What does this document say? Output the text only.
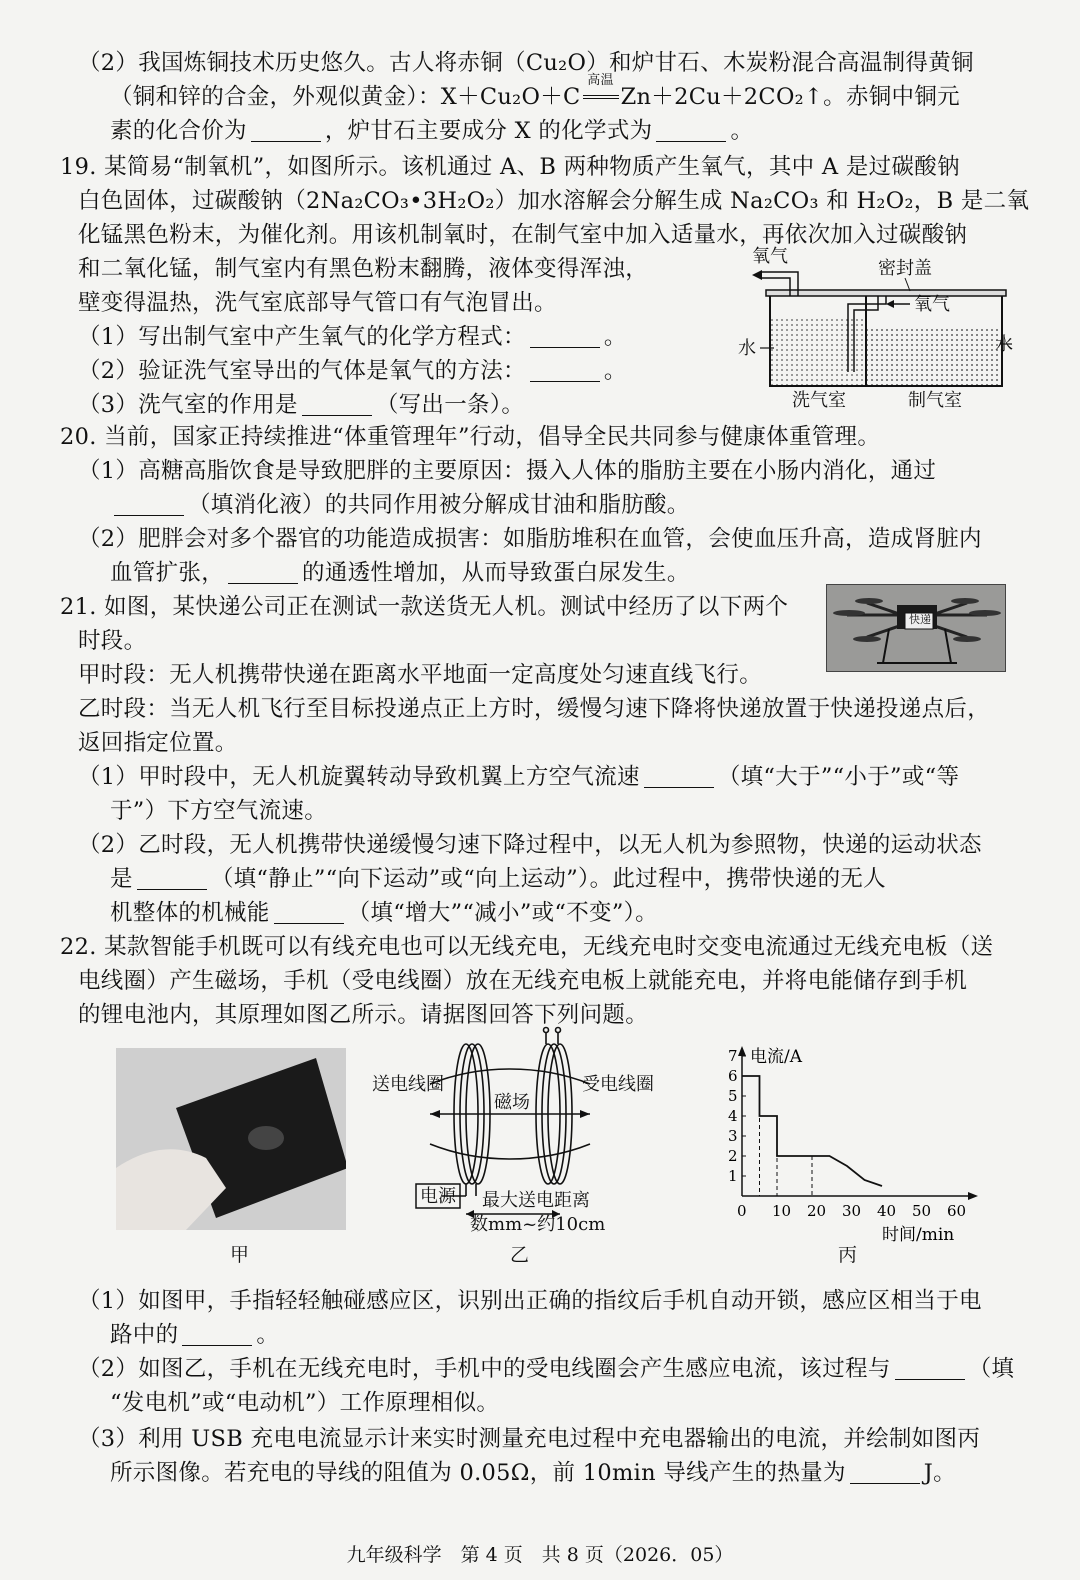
（2）我国炼铜技术历史悠久。古人将赤铜（Cu₂O）和炉甘石、木炭粉混合高温制得黄铜
（铜和锌的合金，外观似黄金）：X＋Cu₂O＋C
高温
Zn＋2Cu＋2CO₂↑。赤铜中铜元
素的化合价为	，炉甘石主要成分 X 的化学式为	。
19. 某简易“制氧机”，如图所示。该机通过 A、B 两种物质产生氧气，其中 A 是过碳酸钠
白色固体，过碳酸钠（2Na₂CO₃•3H₂O₂）加水溶解会分解生成 Na₂CO₃ 和 H₂O₂，B 是二氧
化锰黑色粉末，为催化剂。用该机制氧时，在制气室中加入适量水，再依次加入过碳酸钠
和二氧化锰，制气室内有黑色粉末翻腾，液体变得浑浊，
壁变得温热，洗气室底部导气管口有气泡冒出。
（1）写出制气室中产生氧气的化学方程式：	。
（2）验证洗气室导出的气体是氧气的方法：	。
（3）洗气室的作用是	（写出一条）。
氧气
密封盖
氧气
水	水
洗气室	制气室
20. 当前，国家正持续推进“体重管理年”行动，倡导全民共同参与健康体重管理。
（1）高糖高脂饮食是导致肥胖的主要原因：摄入人体的脂肪主要在小肠内消化，通过
（填消化液）的共同作用被分解成甘油和脂肪酸。
（2）肥胖会对多个器官的功能造成损害：如脂肪堆积在血管，会使血压升高，造成肾脏内
血管扩张，	的通透性增加，从而导致蛋白尿发生。
21. 如图，某快递公司正在测试一款送货无人机。测试中经历了以下两个
时段。
甲时段：无人机携带快递在距离水平地面一定高度处匀速直线飞行。
乙时段：当无人机飞行至目标投递点正上方时，缓慢匀速下降将快递放置于快递投递点后，
返回指定位置。
（1）甲时段中，无人机旋翼转动导致机翼上方空气流速	（填“大于”“小于”或“等
于”）下方空气流速。
（2）乙时段，无人机携带快递缓慢匀速下降过程中，以无人机为参照物，快递的运动状态
是	（填“静止”“向下运动”或“向上运动”）。此过程中，携带快递的无人
机整体的机械能	（填“增大”“减小”或“不变”）。
快递
22. 某款智能手机既可以有线充电也可以无线充电，无线充电时交变电流通过无线充电板（送
电线圈）产生磁场，手机（受电线圈）放在无线充电板上就能充电，并将电能储存到手机
的锂电池内，其原理如图乙所示。请据图回答下列问题。
甲
送电线圈
磁场
受电线圈
电源 最大送电距离
数mm~约10cm
乙
电流/A
时间/min
1
2
3
4
5
6
7
0 10 20 30 40 50 60
丙
（1）如图甲，手指轻轻触碰感应区，识别出正确的指纹后手机自动开锁，感应区相当于电
路中的	。
（2）如图乙，手机在无线充电时，手机中的受电线圈会产生感应电流，该过程与	（填
“发电机”或“电动机”）工作原理相似。
（3）利用 USB 充电电流显示计来实时测量充电过程中充电器输出的电流，并绘制如图丙
所示图像。若充电的导线的阻值为 0.05Ω，前 10min 导线产生的热量为	J。
九年级科学　第 4 页　共 8 页（2026．05）
